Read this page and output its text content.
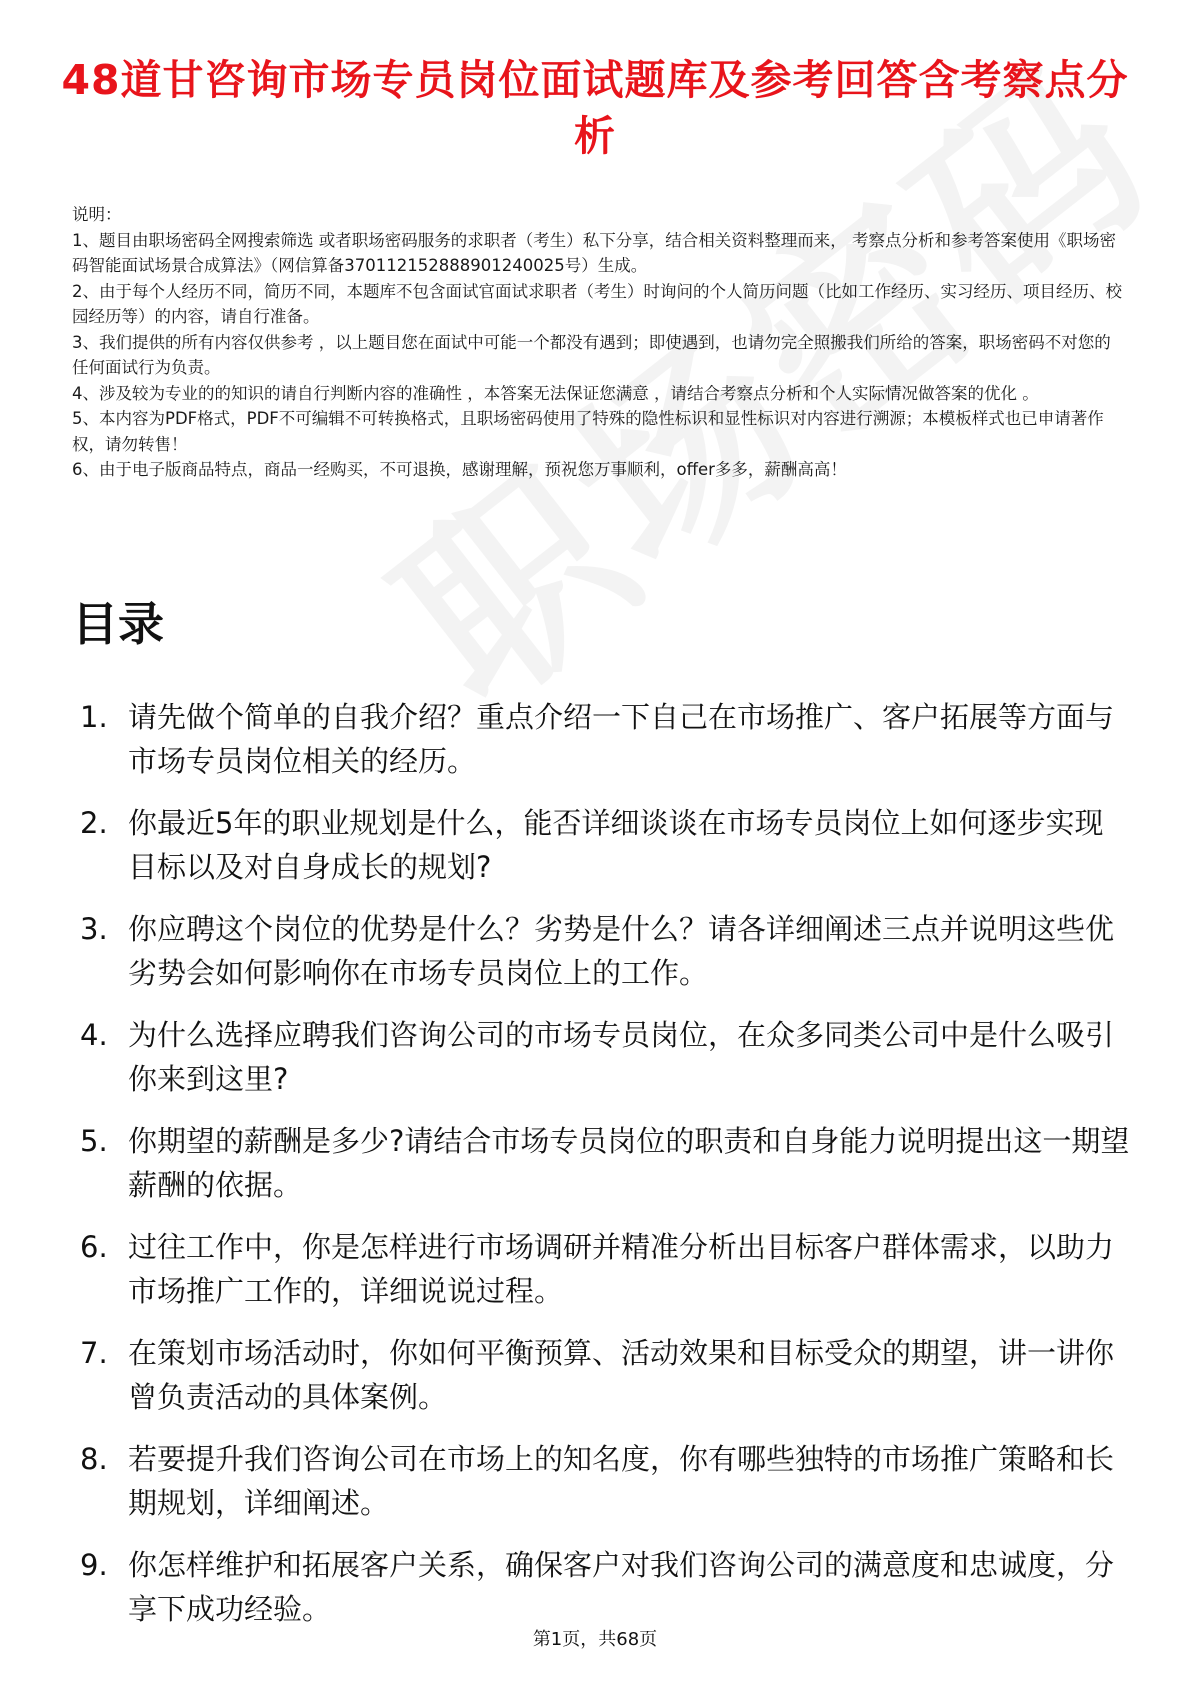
48道甘咨询市场专员岗位面试题库及参考回答含考察点分析
说明：
1、题目由职场密码全网搜索筛选 或者职场密码服务的求职者（考生）私下分享，结合相关资料整理而来， 考察点分析和参考答案使用《职场密码智能面试场景合成算法》（网信算备370112152888901240025号）生成。
2、由于每个人经历不同，简历不同，本题库不包含面试官面试求职者（考生）时询问的个人简历问题（比如工作经历、实习经历、项目经历、校园经历等）的内容，请自行准备。
3、我们提供的所有内容仅供参考 ，以上题目您在面试中可能一个都没有遇到；即使遇到，也请勿完全照搬我们所给的答案，职场密码不对您的任何面试行为负责。
4、涉及较为专业的的知识的请自行判断内容的准确性 ，本答案无法保证您满意 ，请结合考察点分析和个人实际情况做答案的优化 。
5、本内容为PDF格式，PDF不可编辑不可转换格式，且职场密码使用了特殊的隐性标识和显性标识对内容进行溯源；本模板样式也已申请著作权，请勿转售！
6、由于电子版商品特点，商品一经购买，不可退换，感谢理解，预祝您万事顺利，offer多多，薪酬高高！
目录
1. 请先做个简单的自我介绍？重点介绍一下自己在市场推广、客户拓展等方面与市场专员岗位相关的经历。
2. 你最近5年的职业规划是什么，能否详细谈谈在市场专员岗位上如何逐步实现目标以及对自身成长的规划?
3. 你应聘这个岗位的优势是什么？劣势是什么？请各详细阐述三点并说明这些优劣势会如何影响你在市场专员岗位上的工作。
4. 为什么选择应聘我们咨询公司的市场专员岗位，在众多同类公司中是什么吸引你来到这里?
5. 你期望的薪酬是多少?请结合市场专员岗位的职责和自身能力说明提出这一期望薪酬的依据。
6. 过往工作中，你是怎样进行市场调研并精准分析出目标客户群体需求，以助力市场推广工作的，详细说说过程。
7. 在策划市场活动时，你如何平衡预算、活动效果和目标受众的期望，讲一讲你曾负责活动的具体案例。
8. 若要提升我们咨询公司在市场上的知名度，你有哪些独特的市场推广策略和长期规划，详细阐述。
9. 你怎样维护和拓展客户关系，确保客户对我们咨询公司的满意度和忠诚度，分享下成功经验。
第1页，共68页
